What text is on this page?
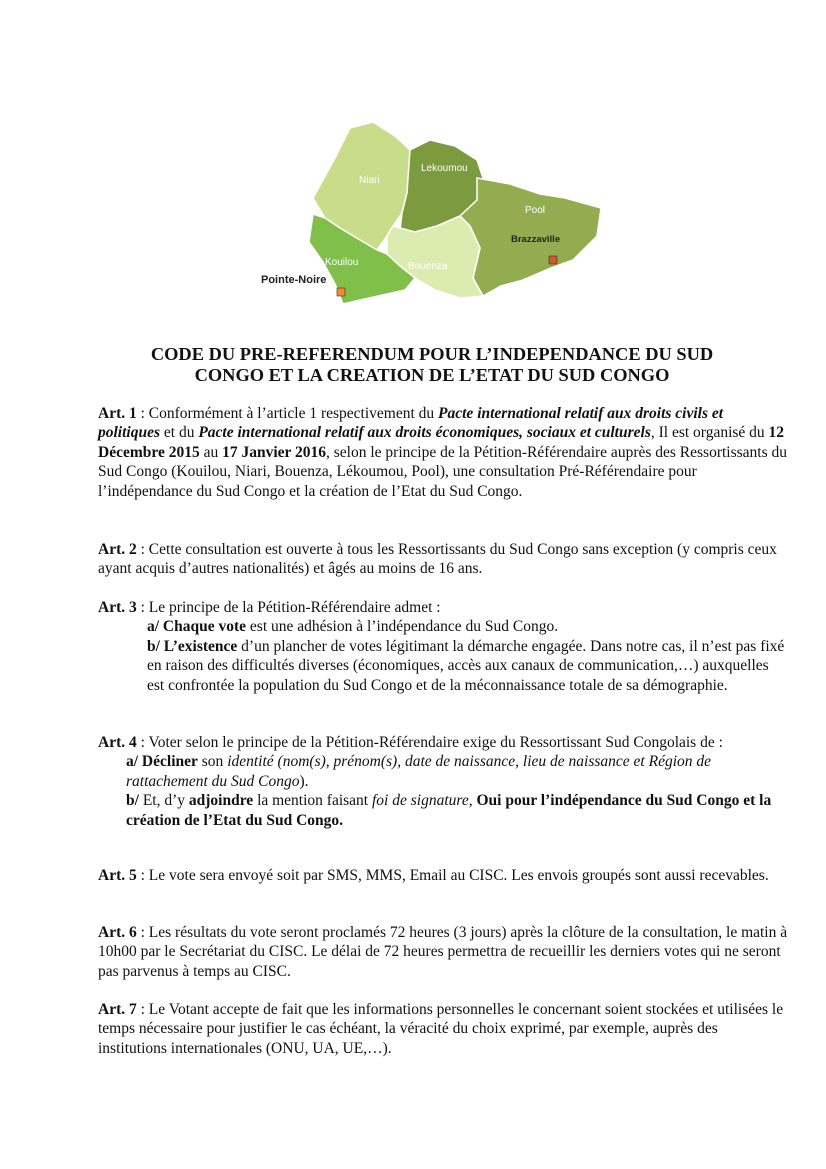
Niari
Lekoumou
Pool
Kouilou	Bouenza
Brazzaville
Pointe-Noire
CODE DU PRE-REFERENDUM POUR L’INDEPENDANCE DU SUD
CONGO ET LA CREATION DE L’ETAT DU SUD CONGO

Art. 1 : Conformément à l’article 1 respectivement du Pacte international relatif aux droits civils et politiques et du Pacte international relatif aux droits économiques, sociaux et culturels, Il est organisé du 12 Décembre 2015 au 17 Janvier 2016, selon le principe de la Pétition-Référendaire auprès des Ressortissants du Sud Congo (Kouilou, Niari, Bouenza, Lékoumou, Pool), une consultation Pré-Référendaire pour l’indépendance du Sud Congo et la création de l’Etat du Sud Congo.

Art. 2 : Cette consultation est ouverte à tous les Ressortissants du Sud Congo sans exception (y compris ceux ayant acquis d’autres nationalités) et âgés au moins de 16 ans.

Art. 3 : Le principe de la Pétition-Référendaire admet :

a/ Chaque vote est une adhésion à l’indépendance du Sud Congo.

b/ L’existence d’un plancher de votes légitimant la démarche engagée. Dans notre cas, il n’est pas fixé en raison des difficultés diverses (économiques, accès aux canaux de communication,…) auxquelles est confrontée la population du Sud Congo et de la méconnaissance totale de sa démographie.

Art. 4 : Voter selon le principe de la Pétition-Référendaire exige du Ressortissant Sud Congolais de :

a/ Décliner son identité (nom(s), prénom(s), date de naissance, lieu de naissance et Région de rattachement du Sud Congo).

b/ Et, d’y adjoindre la mention faisant foi de signature, Oui pour l’indépendance du Sud Congo et la création de l’Etat du Sud Congo.

Art. 5 : Le vote sera envoyé soit par SMS, MMS, Email au CISC. Les envois groupés sont aussi recevables.

Art. 6 : Les résultats du vote seront proclamés 72 heures (3 jours) après la clôture de la consultation, le matin à 10h00 par le Secrétariat du CISC. Le délai de 72 heures permettra de recueillir les derniers votes qui ne seront pas parvenus à temps au CISC.

Art. 7 : Le Votant accepte de fait que les informations personnelles le concernant soient stockées et utilisées le temps nécessaire pour justifier le cas échéant, la véracité du choix exprimé, par exemple, auprès des institutions internationales (ONU, UA, UE,…).
